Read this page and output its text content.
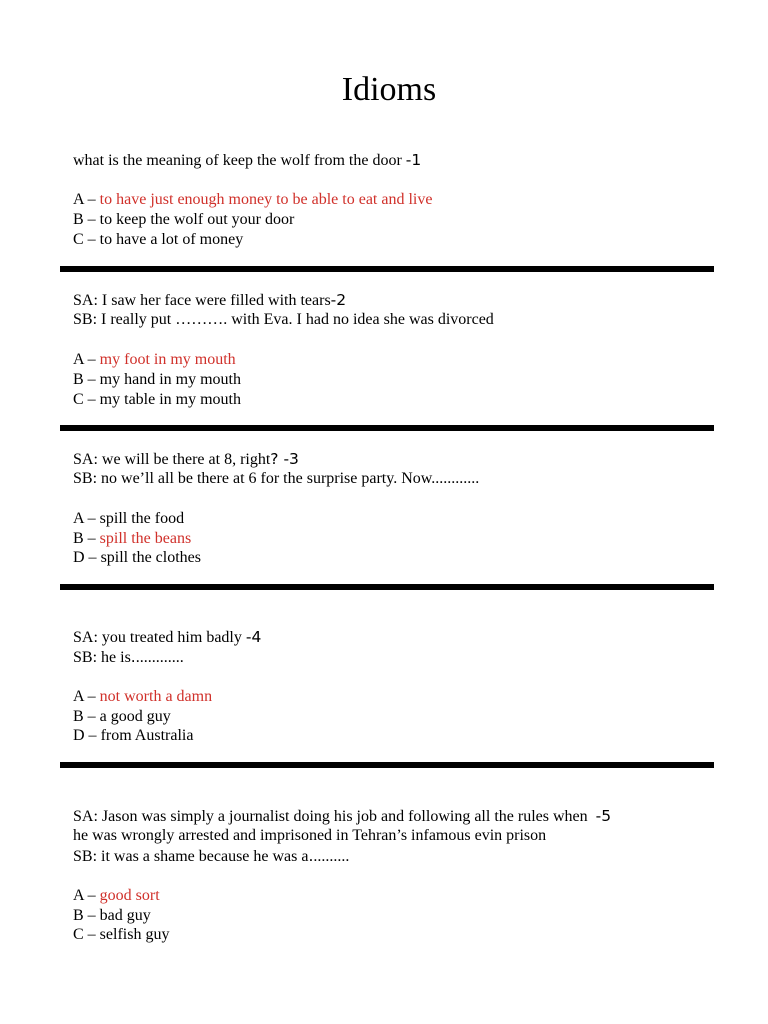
Idioms
what is the meaning of keep the wolf from the door -1
A – to have just enough money to be able to eat and live
B – to keep the wolf out your door
C – to have a lot of money
SA: I saw her face were filled with tears-2
SB: I really put ………. with Eva. I had no idea she was divorced
A – my foot in my mouth
B – my hand in my mouth
C – my table in my mouth
SA: we will be there at 8, right? -3
SB: no we’ll all be there at 6 for the surprise party. Now............
A – spill the food
B – spill the beans
D – spill the clothes
SA: you treated him badly -4
SB: he is.............
A – not worth a damn
B – a good guy
D – from Australia
SA: Jason was simply a journalist doing his job and following all the rules when  -5
he was wrongly arrested and imprisoned in Tehran’s infamous evin prison
SB: it was a shame because he was a..........
A – good sort
B – bad guy
C – selfish guy
